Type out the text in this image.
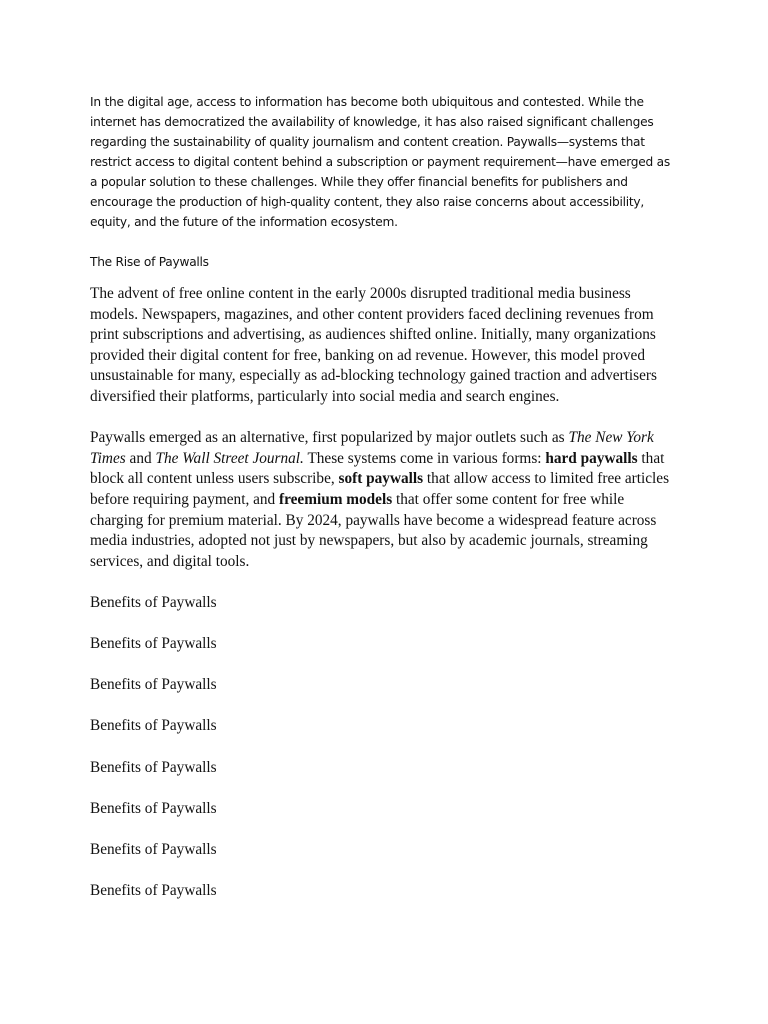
In the digital age, access to information has become both ubiquitous and contested. While the internet has democratized the availability of knowledge, it has also raised significant challenges regarding the sustainability of quality journalism and content creation. Paywalls—systems that restrict access to digital content behind a subscription or payment requirement—have emerged as a popular solution to these challenges. While they offer financial benefits for publishers and encourage the production of high-quality content, they also raise concerns about accessibility, equity, and the future of the information ecosystem.

The Rise of Paywalls

The advent of free online content in the early 2000s disrupted traditional media business models. Newspapers, magazines, and other content providers faced declining revenues from print subscriptions and advertising, as audiences shifted online. Initially, many organizations provided their digital content for free, banking on ad revenue. However, this model proved unsustainable for many, especially as ad-blocking technology gained traction and advertisers diversified their platforms, particularly into social media and search engines.

Paywalls emerged as an alternative, first popularized by major outlets such as The New York Times and The Wall Street Journal. These systems come in various forms: hard paywalls that block all content unless users subscribe, soft paywalls that allow access to limited free articles before requiring payment, and freemium models that offer some content for free while charging for premium material. By 2024, paywalls have become a widespread feature across media industries, adopted not just by newspapers, but also by academic journals, streaming services, and digital tools.

Benefits of Paywalls

Benefits of Paywalls

Benefits of Paywalls

Benefits of Paywalls

Benefits of Paywalls

Benefits of Paywalls

Benefits of Paywalls

Benefits of Paywalls
